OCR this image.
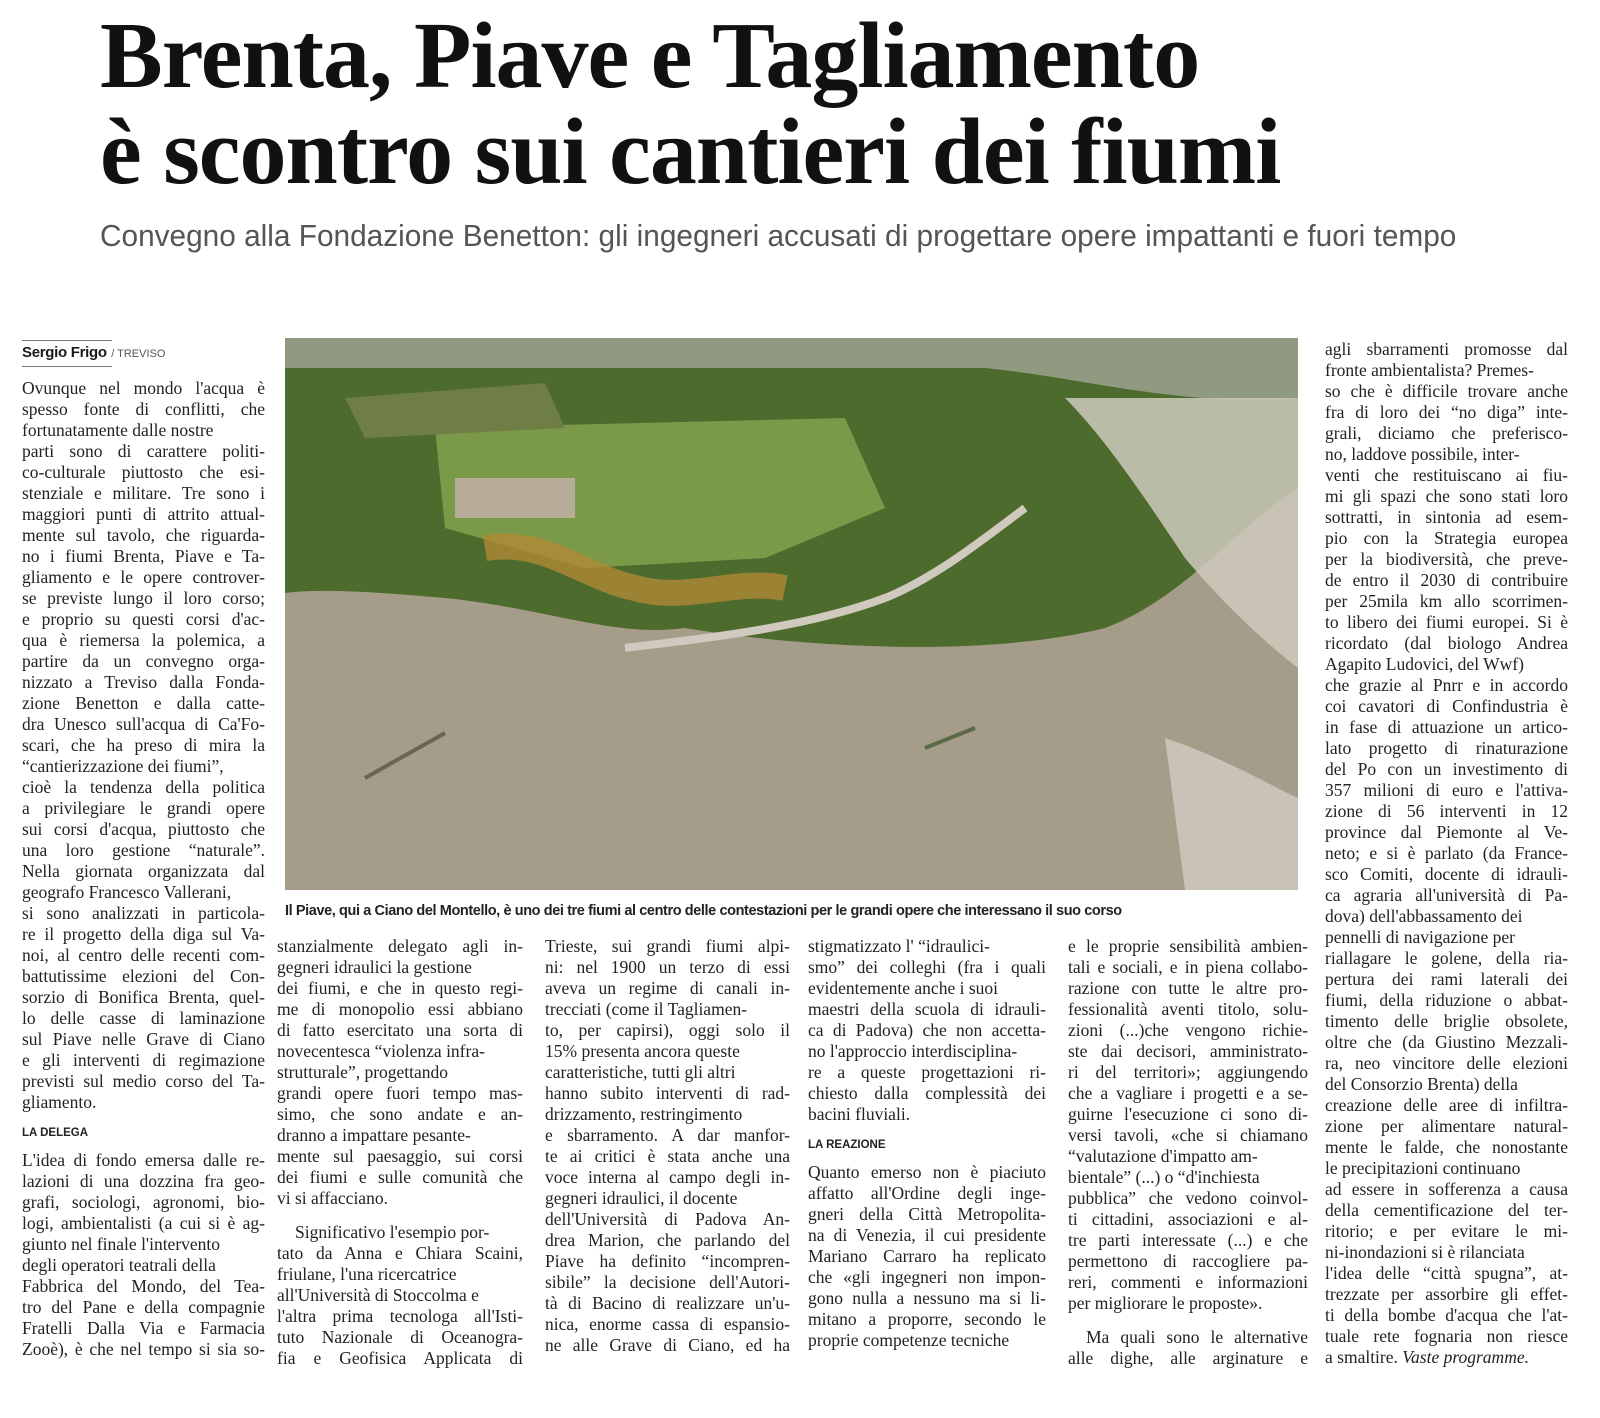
Brenta, Piave e Tagliamento
è scontro sui cantieri dei fiumi
Convegno alla Fondazione Benetton: gli ingegneri accusati di progettare opere impattanti e fuori tempo
Sergio Frigo / TREVISO
Il Piave, qui a Ciano del Montello, è uno dei tre fiumi al centro delle contestazioni per le grandi opere che interessano il suo corso
Ovunque nel mondo l'acqua è
spesso fonte di conflitti, che
fortunatamente dalle nostre
parti sono di carattere politi-
co-culturale piuttosto che esi-
stenziale e militare. Tre sono i
maggiori punti di attrito attual-
mente sul tavolo, che riguarda-
no i fiumi Brenta, Piave e Ta-
gliamento e le opere controver-
se previste lungo il loro corso;
e proprio su questi corsi d'ac-
qua è riemersa la polemica, a
partire da un convegno orga-
nizzato a Treviso dalla Fonda-
zione Benetton e dalla catte-
dra Unesco sull'acqua di Ca'Fo-
scari, che ha preso di mira la
“cantierizzazione dei fiumi”,
cioè la tendenza della politica
a privilegiare le grandi opere
sui corsi d'acqua, piuttosto che
una loro gestione “naturale”.
Nella giornata organizzata dal
geografo Francesco Vallerani,
si sono analizzati in particola-
re il progetto della diga sul Va-
noi, al centro delle recenti com-
battutissime elezioni del Con-
sorzio di Bonifica Brenta, quel-
lo delle casse di laminazione
sul Piave nelle Grave di Ciano
e gli interventi di regimazione
previsti sul medio corso del Ta-
gliamento.
LA DELEGA
L'idea di fondo emersa dalle re-
lazioni di una dozzina fra geo-
grafi, sociologi, agronomi, bio-
logi, ambientalisti (a cui si è ag-
giunto nel finale l'intervento
degli operatori teatrali della
Fabbrica del Mondo, del Tea-
tro del Pane e della compagnie
Fratelli Dalla Via e Farmacia
Zooè), è che nel tempo si sia so-
stanzialmente delegato agli in-
gegneri idraulici la gestione
dei fiumi, e che in questo regi-
me di monopolio essi abbiano
di fatto esercitato una sorta di
novecentesca “violenza infra-
strutturale”, progettando
grandi opere fuori tempo mas-
simo, che sono andate e an-
dranno a impattare pesante-
mente sul paesaggio, sui corsi
dei fiumi e sulle comunità che
vi si affacciano.
Significativo l'esempio por-
tato da Anna e Chiara Scaini,
friulane, l'una ricercatrice
all'Università di Stoccolma e
l'altra prima tecnologa all'Isti-
tuto Nazionale di Oceanogra-
fia e Geofisica Applicata di
Trieste, sui grandi fiumi alpi-
ni: nel 1900 un terzo di essi
aveva un regime di canali in-
trecciati (come il Tagliamen-
to, per capirsi), oggi solo il
15% presenta ancora queste
caratteristiche, tutti gli altri
hanno subito interventi di rad-
drizzamento, restringimento
e sbarramento. A dar manfor-
te ai critici è stata anche una
voce interna al campo degli in-
gegneri idraulici, il docente
dell'Università di Padova An-
drea Marion, che parlando del
Piave ha definito “incompren-
sibile” la decisione dell'Autori-
tà di Bacino di realizzare un'u-
nica, enorme cassa di espansio-
ne alle Grave di Ciano, ed ha
stigmatizzato l' “idraulici-
smo” dei colleghi (fra i quali
evidentemente anche i suoi
maestri della scuola di idrauli-
ca di Padova) che non accetta-
no l'approccio interdisciplina-
re a queste progettazioni ri-
chiesto dalla complessità dei
bacini fluviali.
LA REAZIONE
Quanto emerso non è piaciuto
affatto all'Ordine degli inge-
gneri della Città Metropolita-
na di Venezia, il cui presidente
Mariano Carraro ha replicato
che «gli ingegneri non impon-
gono nulla a nessuno ma si li-
mitano a proporre, secondo le
proprie competenze tecniche
e le proprie sensibilità ambien-
tali e sociali, e in piena collabo-
razione con tutte le altre pro-
fessionalità aventi titolo, solu-
zioni (...)che vengono richie-
ste dai decisori, amministrato-
ri del territori»; aggiungendo
che a vagliare i progetti e a se-
guirne l'esecuzione ci sono di-
versi tavoli, «che si chiamano
“valutazione d'impatto am-
bientale” (...) o “d'inchiesta
pubblica” che vedono coinvol-
ti cittadini, associazioni e al-
tre parti interessate (...) e che
permettono di raccogliere pa-
reri, commenti e informazioni
per migliorare le proposte».
Ma quali sono le alternative
alle dighe, alle arginature e
agli sbarramenti promosse dal
fronte ambientalista? Premes-
so che è difficile trovare anche
fra di loro dei “no diga” inte-
grali, diciamo che preferisco-
no, laddove possibile, inter-
venti che restituiscano ai fiu-
mi gli spazi che sono stati loro
sottratti, in sintonia ad esem-
pio con la Strategia europea
per la biodiversità, che preve-
de entro il 2030 di contribuire
per 25mila km allo scorrimen-
to libero dei fiumi europei. Si è
ricordato (dal biologo Andrea
Agapito Ludovici, del Wwf)
che grazie al Pnrr e in accordo
coi cavatori di Confindustria è
in fase di attuazione un artico-
lato progetto di rinaturazione
del Po con un investimento di
357 milioni di euro e l'attiva-
zione di 56 interventi in 12
province dal Piemonte al Ve-
neto; e si è parlato (da France-
sco Comiti, docente di idrauli-
ca agraria all'università di Pa-
dova) dell'abbassamento dei
pennelli di navigazione per
riallagare le golene, della ria-
pertura dei rami laterali dei
fiumi, della riduzione o abbat-
timento delle briglie obsolete,
oltre che (da Giustino Mezzali-
ra, neo vincitore delle elezioni
del Consorzio Brenta) della
creazione delle aree di infiltra-
zione per alimentare natural-
mente le falde, che nonostante
le precipitazioni continuano
ad essere in sofferenza a causa
della cementificazione del ter-
ritorio; e per evitare le mi-
ni-inondazioni si è rilanciata
l'idea delle “città spugna”, at-
trezzate per assorbire gli effet-
ti della bombe d'acqua che l'at-
tuale rete fognaria non riesce
a smaltire. Vaste programme.
